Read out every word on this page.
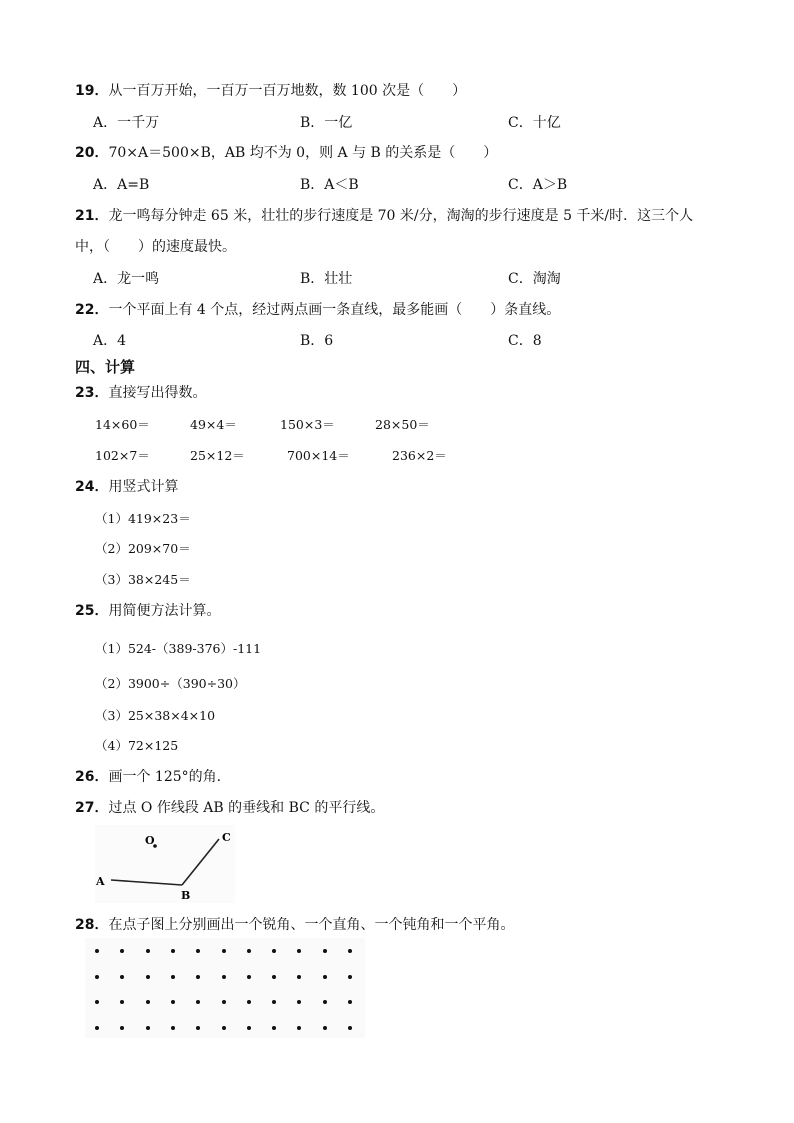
19．从一百万开始，一百万一百万地数，数 100 次是（　　）
A．一千万	B．一亿	C．十亿
20．70×A＝500×B，AB 均不为 0，则 A 与 B 的关系是（　　）
A．A=B	B．A＜B	C．A＞B
21．龙一鸣每分钟走 65 米，壮壮的步行速度是 70 米/分，淘淘的步行速度是 5 千米/时．这三个人
中，（　　）的速度最快。
A．龙一鸣	B．壮壮	C．淘淘
22．一个平面上有 4 个点，经过两点画一条直线，最多能画（　　）条直线。
A．4	B．6	C．8
四、计算
23．直接写出得数。
14×60＝	49×4＝	150×3＝	28×50＝
102×7＝	25×12＝	700×14＝	236×2＝
24．用竖式计算
（1）419×23＝
（2）209×70＝
（3）38×245＝
25．用简便方法计算。
（1）524-（389-376）-111
（2）3900÷（390÷30）
（3）25×38×4×10
（4）72×125
26．画一个 125°的角.
27．过点 O 作线段 AB 的垂线和 BC 的平行线。
O
A
B
C
28．在点子图上分别画出一个锐角、一个直角、一个钝角和一个平角。
